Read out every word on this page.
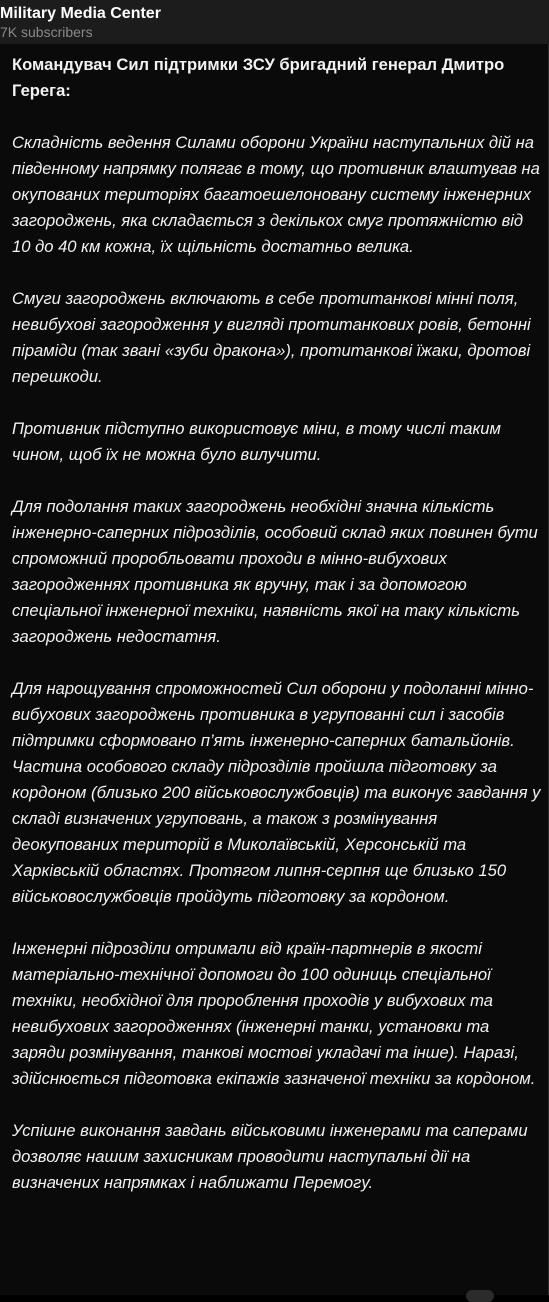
Military Media Center
7K subscribers

Командувач Сил підтримки ЗСУ бригадний генерал Дмитро Герега:

Складність ведення Силами оборони України наступальних дій на південному напрямку полягає в тому, що противник влаштував на окупованих територіях багатоешелоновану систему інженерних загороджень, яка складається з декількох смуг протяжністю від 10 до 40 км кожна, їх щільність достатньо велика.

Смуги загороджень включають в себе протитанкові мінні поля, невибухові загородження у вигляді протитанкових ровів, бетонні піраміди (так звані «зуби дракона»), протитанкові їжаки, дротові перешкоди.

Противник підступно використовує міни, в тому числі таким чином, щоб їх не можна було вилучити.

Для подолання таких загороджень необхідні значна кількість інженерно-саперних підрозділів, особовий склад яких повинен бути спроможний проробльовати проходи в мінно-вибухових загородженнях противника як вручну, так і за допомогою спеціальної інженерної техніки, наявність якої на таку кількість загороджень недостатня.

Для нарощування спроможностей Сил оборони у подоланні мінно-вибухових загороджень противника в угрупованні сил і засобів підтримки сформовано п’ять інженерно-саперних батальйонів. Частина особового складу підрозділів пройшла підготовку за кордоном (близько 200 військовослужбовців) та виконує завдання у складі визначених угруповань, а також з розмінування деокупованих територій в Миколаївській, Херсонській та Харківській областях. Протягом липня-серпня ще близько 150 військовослужбовців пройдуть підготовку за кордоном.

Інженерні підрозділи отримали від країн-партнерів в якості матеріально-технічної допомоги до 100 одиниць спеціальної техніки, необхідної для пророблення проходів у вибухових та невибухових загородженнях (інженерні танки, установки та заряди розмінування, танкові мостові укладачі та інше). Наразі, здійснюється підготовка екіпажів зазначеної техніки за кордоном.

Успішне виконання завдань військовими інженерами та саперами дозволяє нашим захисникам проводити наступальні дії на визначених напрямках і наближати Перемогу.
